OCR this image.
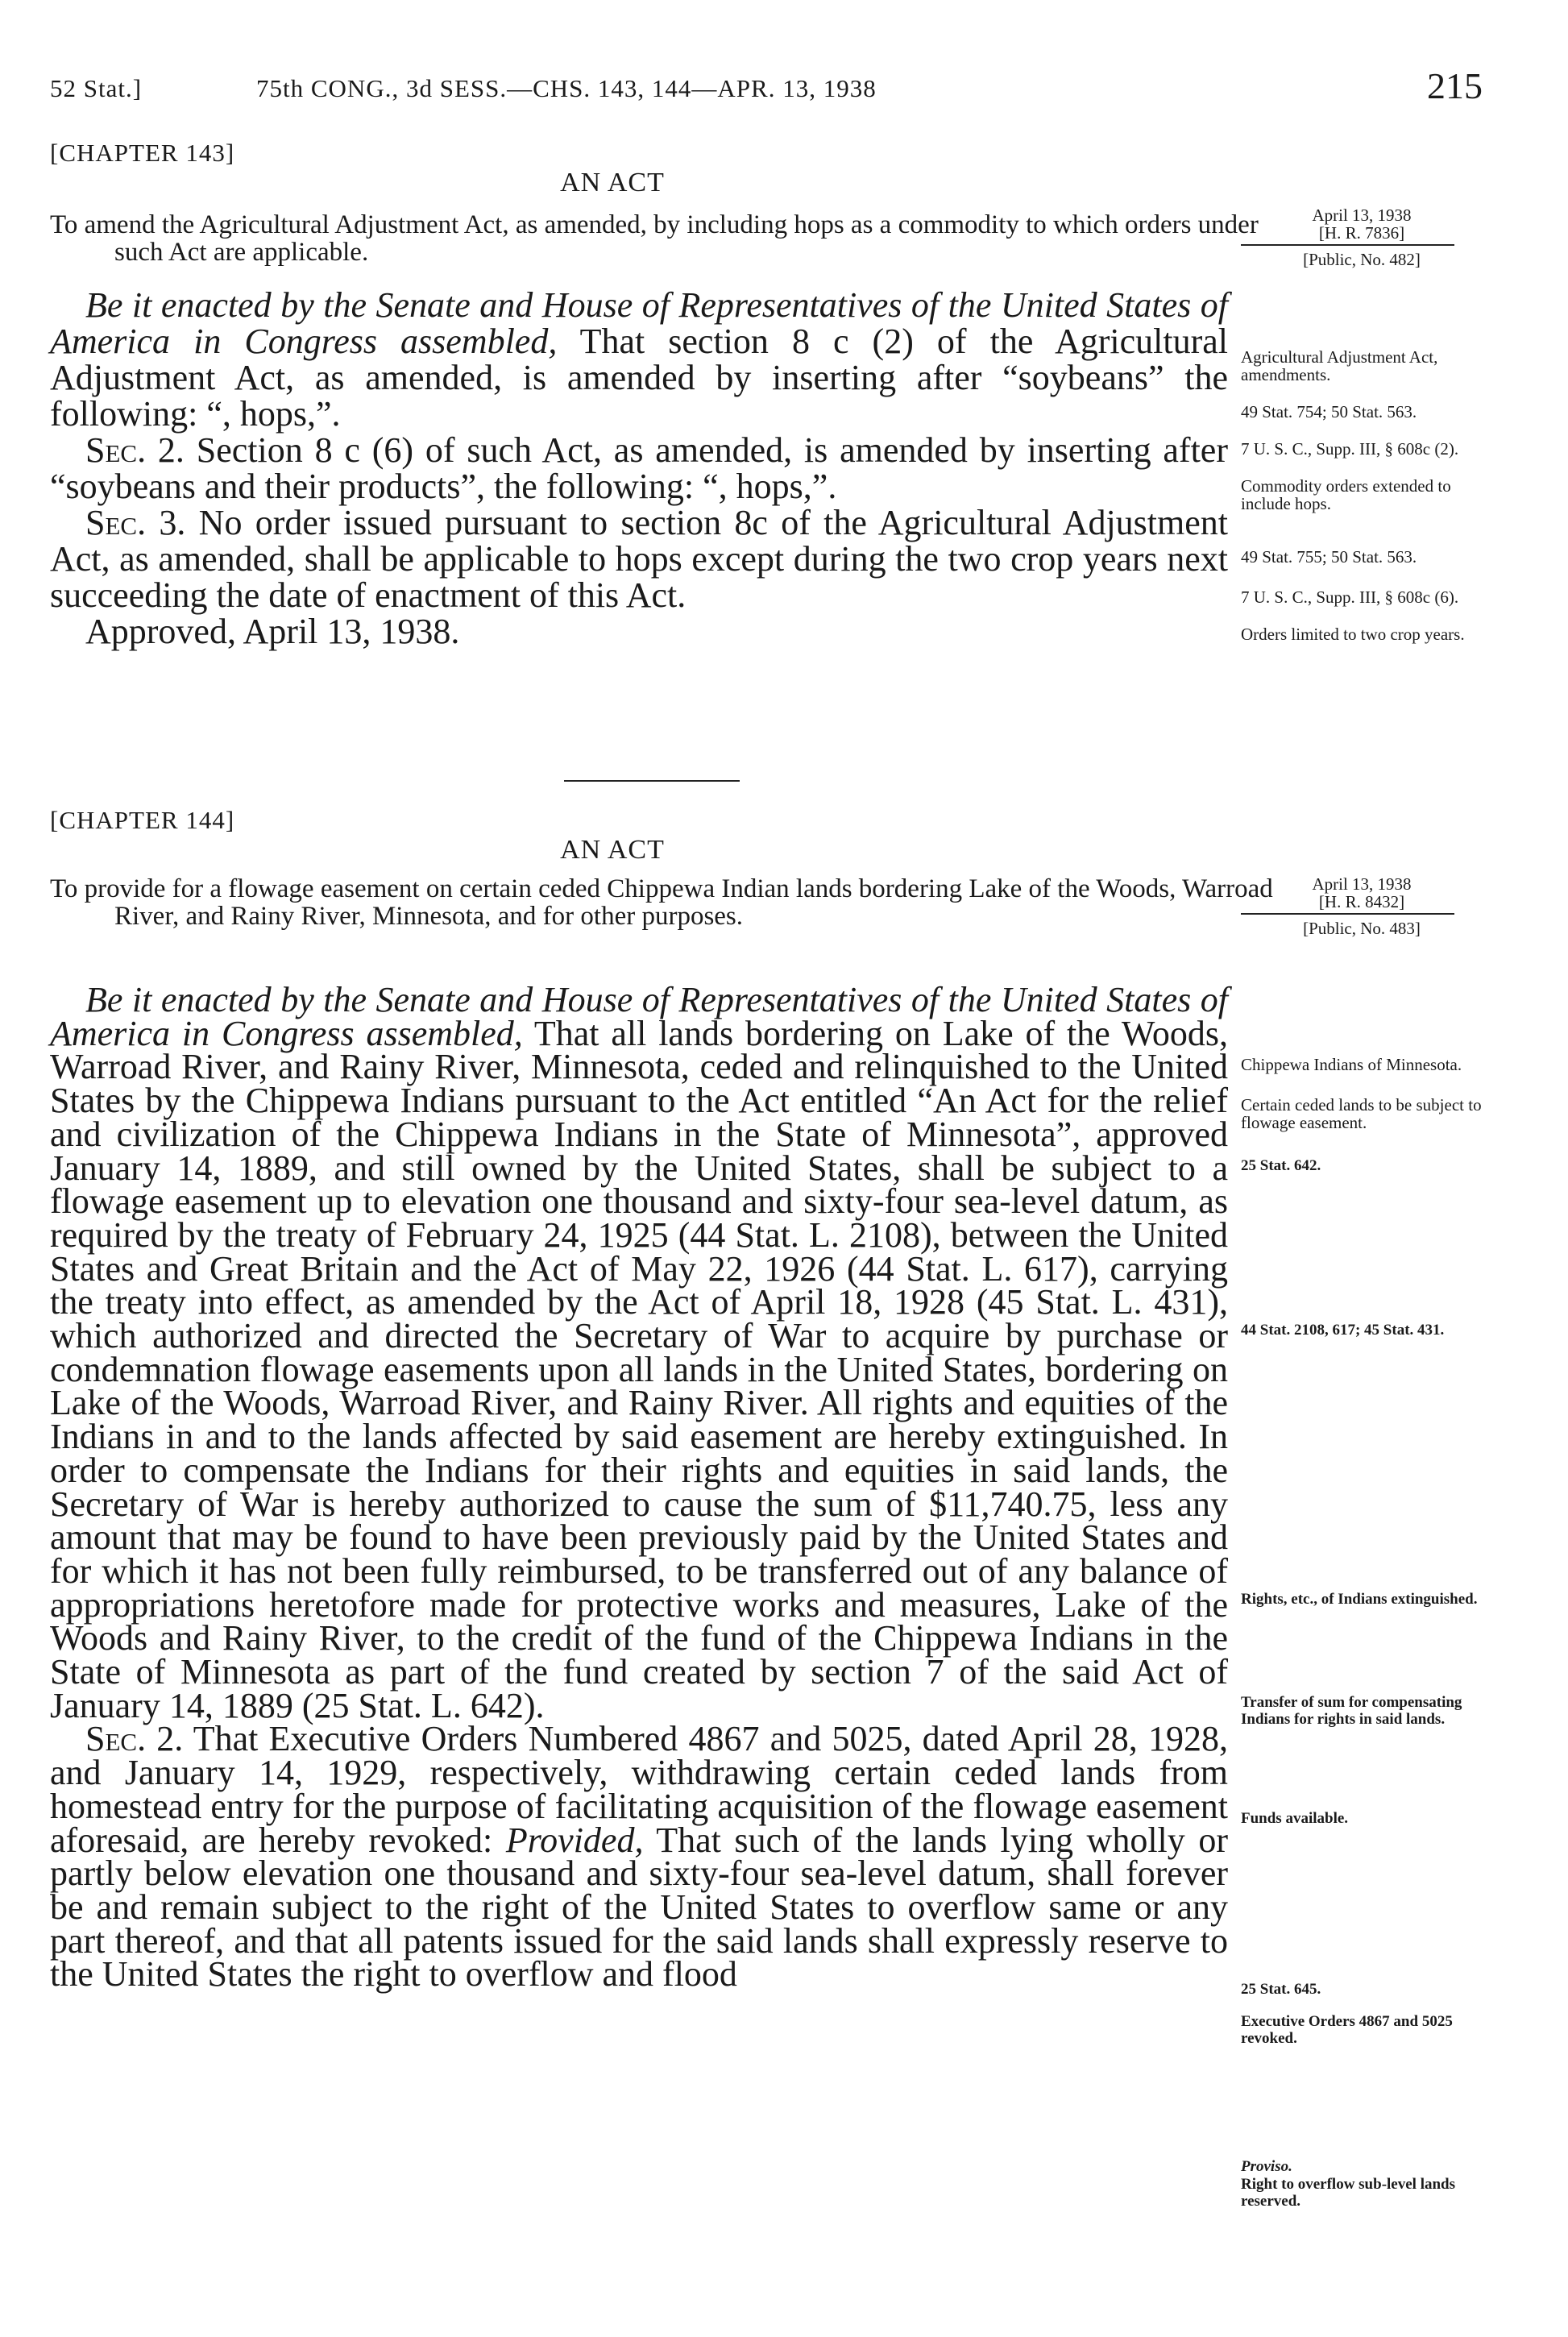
52 Stat.]	75th CONG., 3d SESS.—CHS. 143, 144—APR. 13, 1938	215
[CHAPTER 143]
AN ACT
To amend the Agricultural Adjustment Act, as amended, by including hops as a commodity to which orders under such Act are applicable.
April 13, 1938
[H. R. 7836]
[Public, No. 482]

Be it enacted by the Senate and House of Representatives of the United States of America in Congress assembled, That section 8 c (2) of the Agricultural Adjustment Act, as amended, is amended by inserting after “soybeans” the following: “, hops,”.

Sec. 2. Section 8 c (6) of such Act, as amended, is amended by inserting after “soybeans and their products”, the following: “, hops,”.

Sec. 3. No order issued pursuant to section 8c of the Agricultural Adjustment Act, as amended, shall be applicable to hops except during the two crop years next succeeding the date of enactment of this Act.

Approved, April 13, 1938.

Agricultural Adjustment Act, amendments.
49 Stat. 754; 50 Stat. 563.
7 U. S. C., Supp. III, § 608c (2).
Commodity orders extended to include hops.
49 Stat. 755; 50 Stat. 563.
7 U. S. C., Supp. III, § 608c (6).
Orders limited to two crop years.
[CHAPTER 144]
AN ACT
To provide for a flowage easement on certain ceded Chippewa Indian lands bordering Lake of the Woods, Warroad River, and Rainy River, Minnesota, and for other purposes.
April 13, 1938
[H. R. 8432]
[Public, No. 483]

Be it enacted by the Senate and House of Representatives of the United States of America in Congress assembled, That all lands bordering on Lake of the Woods, Warroad River, and Rainy River, Minnesota, ceded and relinquished to the United States by the Chippewa Indians pursuant to the Act entitled “An Act for the relief and civilization of the Chippewa Indians in the State of Minnesota”, approved January 14, 1889, and still owned by the United States, shall be subject to a flowage easement up to elevation one thousand and sixty-four sea-level datum, as required by the treaty of February 24, 1925 (44 Stat. L. 2108), between the United States and Great Britain and the Act of May 22, 1926 (44 Stat. L. 617), carrying the treaty into effect, as amended by the Act of April 18, 1928 (45 Stat. L. 431), which authorized and directed the Secretary of War to acquire by purchase or condemnation flowage easements upon all lands in the United States, bordering on Lake of the Woods, Warroad River, and Rainy River. All rights and equities of the Indians in and to the lands affected by said easement are hereby extinguished. In order to compensate the Indians for their rights and equities in said lands, the Secretary of War is hereby authorized to cause the sum of $11,740.75, less any amount that may be found to have been previously paid by the United States and for which it has not been fully reimbursed, to be transferred out of any balance of appropriations heretofore made for protective works and measures, Lake of the Woods and Rainy River, to the credit of the fund of the Chippewa Indians in the State of Minnesota as part of the fund created by section 7 of the said Act of January 14, 1889 (25 Stat. L. 642).

Sec. 2. That Executive Orders Numbered 4867 and 5025, dated April 28, 1928, and January 14, 1929, respectively, withdrawing certain ceded lands from homestead entry for the purpose of facilitating acquisition of the flowage easement aforesaid, are hereby revoked: Provided, That such of the lands lying wholly or partly below elevation one thousand and sixty-four sea-level datum, shall forever be and remain subject to the right of the United States to overflow same or any part thereof, and that all patents issued for the said lands shall expressly reserve to the United States the right to overflow and flood

Chippewa Indians of Minnesota.
Certain ceded lands to be subject to flowage easement.
25 Stat. 642.
44 Stat. 2108, 617; 45 Stat. 431.
Rights, etc., of Indians extinguished.
Transfer of sum for compensating Indians for rights in said lands.
Funds available.
25 Stat. 645.
Executive Orders 4867 and 5025 revoked.
Proviso.
Right to overflow sub-level lands reserved.
